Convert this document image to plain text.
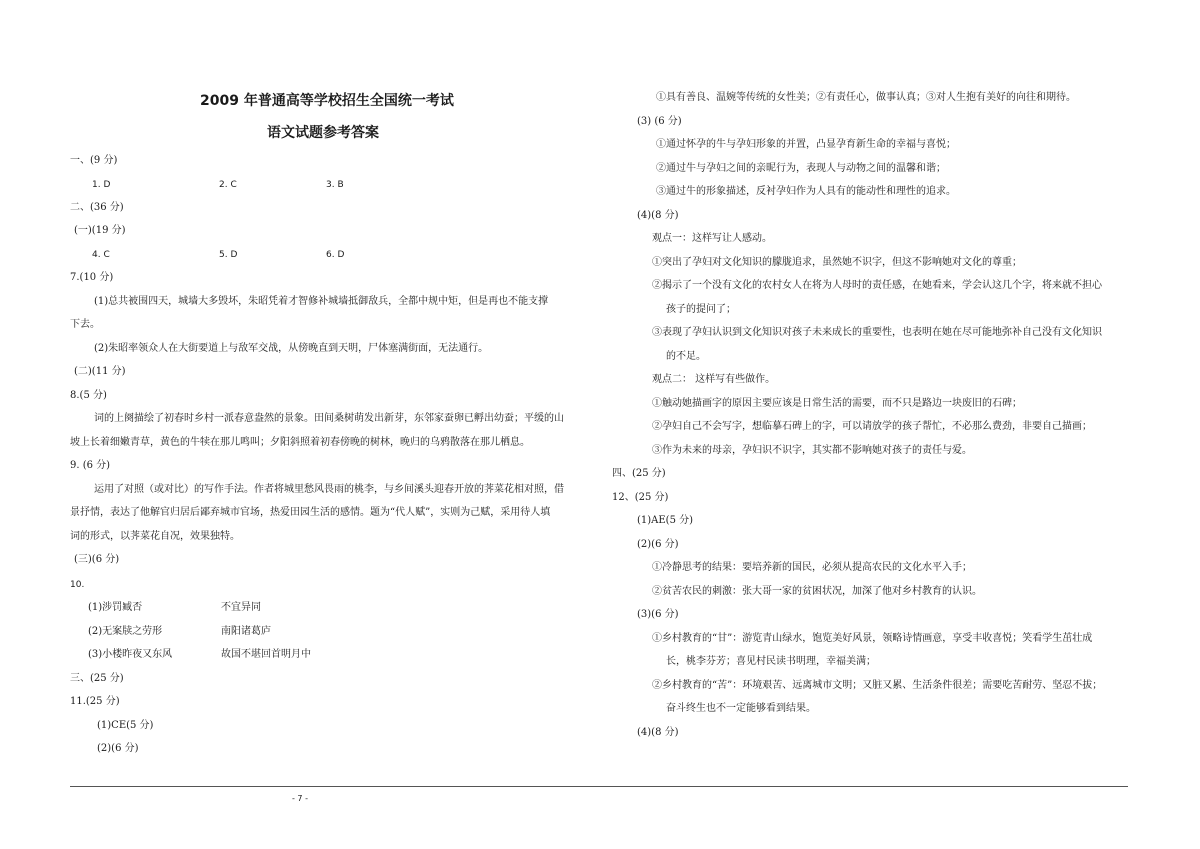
2009 年普通高等学校招生全国统一考试
语文试题参考答案
一、(9 分)
1. D	2. C	3. B
二、(36 分)
(一)(19 分)
4. C	5. D	6. D
7.(10 分)
(1)总共被围四天，城墙大多毁坏，朱昭凭着才智修补城墙抵御敌兵，全都中规中矩，但是再也不能支撑
下去。
(2)朱昭率领众人在大街要道上与敌军交战，从傍晚直到天明，尸体塞满街面，无法通行。
(二)(11 分)
8.(5 分)
词的上阕描绘了初春时乡村一派春意盎然的景象。田间桑树萌发出新芽，东邻家蚕卵已孵出幼蚕；平缓的山
坡上长着细嫩青草，黄色的牛犊在那儿鸣叫；夕阳斜照着初春傍晚的树林，晚归的乌鸦散落在那儿栖息。
9. (6 分)
运用了对照（或对比）的写作手法。作者将城里愁风畏雨的桃李，与乡间溪头迎春开放的荠菜花相对照，借
景抒情，表达了他解官归居后鄙弃城市官场，热爱田园生活的感情。题为“代人赋”，实则为己赋，采用待人填
词的形式，以荠菜花自况，效果独特。
(三)(6 分)
10.
(1)涉罚臧否	不宜异同
(2)无案牍之劳形	南阳诸葛庐
(3)小楼昨夜又东风	故国不堪回首明月中
三、(25 分)
11.(25 分)
(1)CE(5 分)
(2)(6 分)
①具有善良、温婉等传统的女性美；②有责任心，做事认真；③对人生抱有美好的向往和期待。
(3) (6 分)
①通过怀孕的牛与孕妇形象的并置，凸显孕育新生命的幸福与喜悦；
②通过牛与孕妇之间的亲昵行为，表现人与动物之间的温馨和谐；
③通过牛的形象描述，反衬孕妇作为人具有的能动性和理性的追求。
(4)(8 分)
观点一：这样写让人感动。
①突出了孕妇对文化知识的朦胧追求，虽然她不识字，但这不影响她对文化的尊重；
②揭示了一个没有文化的农村女人在将为人母时的责任感，在她看来，学会认这几个字，将来就不担心
孩子的提问了；
③表现了孕妇认识到文化知识对孩子未来成长的重要性，也表明在她在尽可能地弥补自己没有文化知识
的不足。
观点二： 这样写有些做作。
①触动她描画字的原因主要应该是日常生活的需要，而不只是路边一块废旧的石碑；
②孕妇自己不会写字，想临摹石碑上的字，可以请放学的孩子帮忙，不必那么费劲，非要自己描画；
③作为未来的母亲，孕妇识不识字，其实都不影响她对孩子的责任与爱。
四、(25 分)
12、(25 分)
(1)AE(5 分)
(2)(6 分)
①冷静思考的结果：要培养新的国民，必须从提高农民的文化水平入手；
②贫苦农民的刺激：张大哥一家的贫困状况，加深了他对乡村教育的认识。
(3)(6 分)
①乡村教育的“甘”：游览青山绿水，饱览美好风景，领略诗情画意，享受丰收喜悦；笑看学生茁壮成
长，桃李芬芳；喜见村民读书明理，幸福美满；
②乡村教育的“苦”：环境艰苦、远离城市文明；又脏又累、生活条件很差；需要吃苦耐劳、坚忍不拔；
奋斗终生也不一定能够看到结果。
(4)(8 分)
- 7 -
